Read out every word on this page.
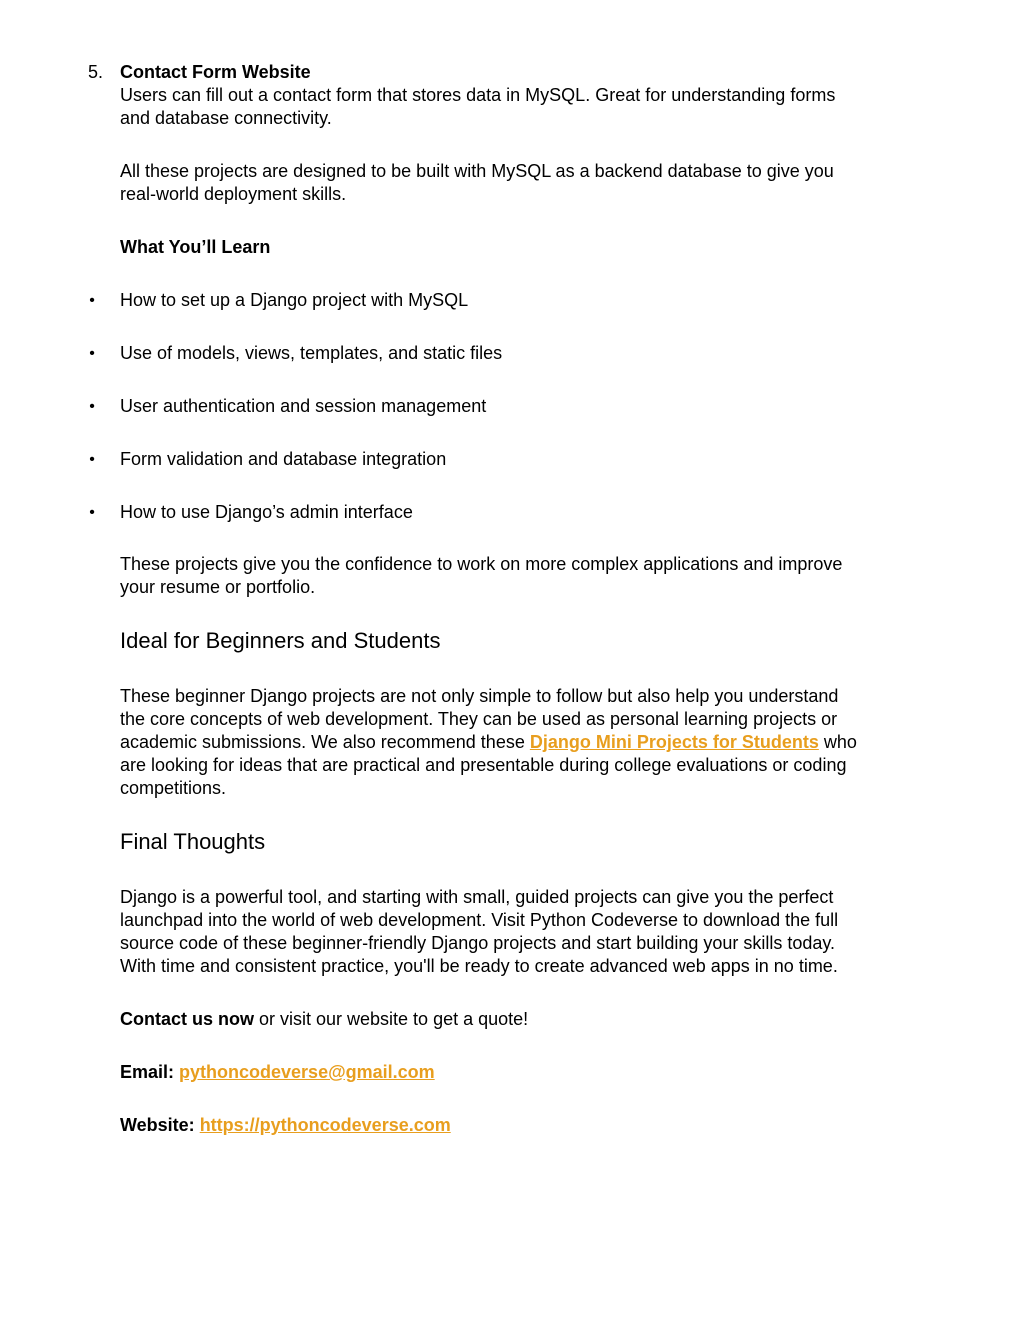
5. Contact Form Website

Users can fill out a contact form that stores data in MySQL. Great for understanding forms

and database connectivity.

All these projects are designed to be built with MySQL as a backend database to give you

real-world deployment skills.

What You’ll Learn

• How to set up a Django project with MySQL
• Use of models, views, templates, and static files
• User authentication and session management
• Form validation and database integration
• How to use Django’s admin interface

These projects give you the confidence to work on more complex applications and improve

your resume or portfolio.

Ideal for Beginners and Students

These beginner Django projects are not only simple to follow but also help you understand

the core concepts of web development. They can be used as personal learning projects or

academic submissions. We also recommend these Django Mini Projects for Students who

are looking for ideas that are practical and presentable during college evaluations or coding

competitions.

Final Thoughts

Django is a powerful tool, and starting with small, guided projects can give you the perfect

launchpad into the world of web development. Visit Python Codeverse to download the full

source code of these beginner-friendly Django projects and start building your skills today.

With time and consistent practice, you'll be ready to create advanced web apps in no time.

Contact us now or visit our website to get a quote!

Email: pythoncodeverse@gmail.com

Website: https://pythoncodeverse.com
